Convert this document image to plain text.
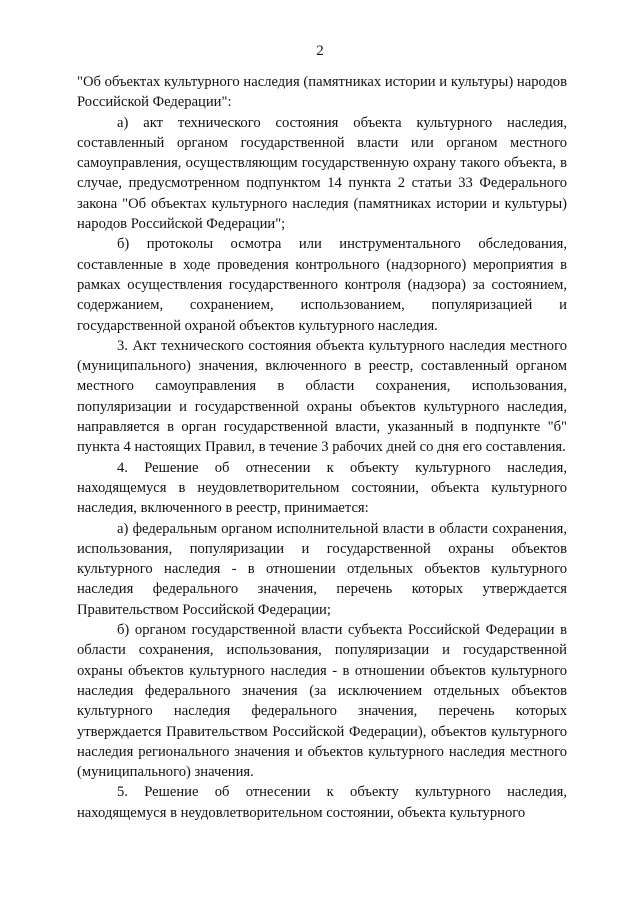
2

"Об объектах культурного наследия (памятниках истории и культуры) народов Российской Федерации":

а) акт технического состояния объекта культурного наследия, составленный органом государственной власти или органом местного самоуправления, осуществляющим государственную охрану такого объекта, в случае, предусмотренном подпунктом 14 пункта 2 статьи 33 Федерального закона "Об объектах культурного наследия (памятниках истории и культуры) народов Российской Федерации";

б) протоколы осмотра или инструментального обследования, составленные в ходе проведения контрольного (надзорного) мероприятия в рамках осуществления государственного контроля (надзора) за состоянием, содержанием, сохранением, использованием, популяризацией и государственной охраной объектов культурного наследия.

3. Акт технического состояния объекта культурного наследия местного (муниципального) значения, включенного в реестр, составленный органом местного самоуправления в области сохранения, использования, популяризации и государственной охраны объектов культурного наследия, направляется в орган государственной власти, указанный в подпункте "б" пункта 4 настоящих Правил, в течение 3 рабочих дней со дня его составления.

4. Решение об отнесении к объекту культурного наследия, находящемуся в неудовлетворительном состоянии, объекта культурного наследия, включенного в реестр, принимается:

а) федеральным органом исполнительной власти в области сохранения, использования, популяризации и государственной охраны объектов культурного наследия - в отношении отдельных объектов культурного наследия федерального значения, перечень которых утверждается Правительством Российской Федерации;

б) органом государственной власти субъекта Российской Федерации в области сохранения, использования, популяризации и государственной охраны объектов культурного наследия - в отношении объектов культурного наследия федерального значения (за исключением отдельных объектов культурного наследия федерального значения, перечень которых утверждается Правительством Российской Федерации), объектов культурного наследия регионального значения и объектов культурного наследия местного (муниципального) значения.

5. Решение об отнесении к объекту культурного наследия, находящемуся в неудовлетворительном состоянии, объекта культурного
